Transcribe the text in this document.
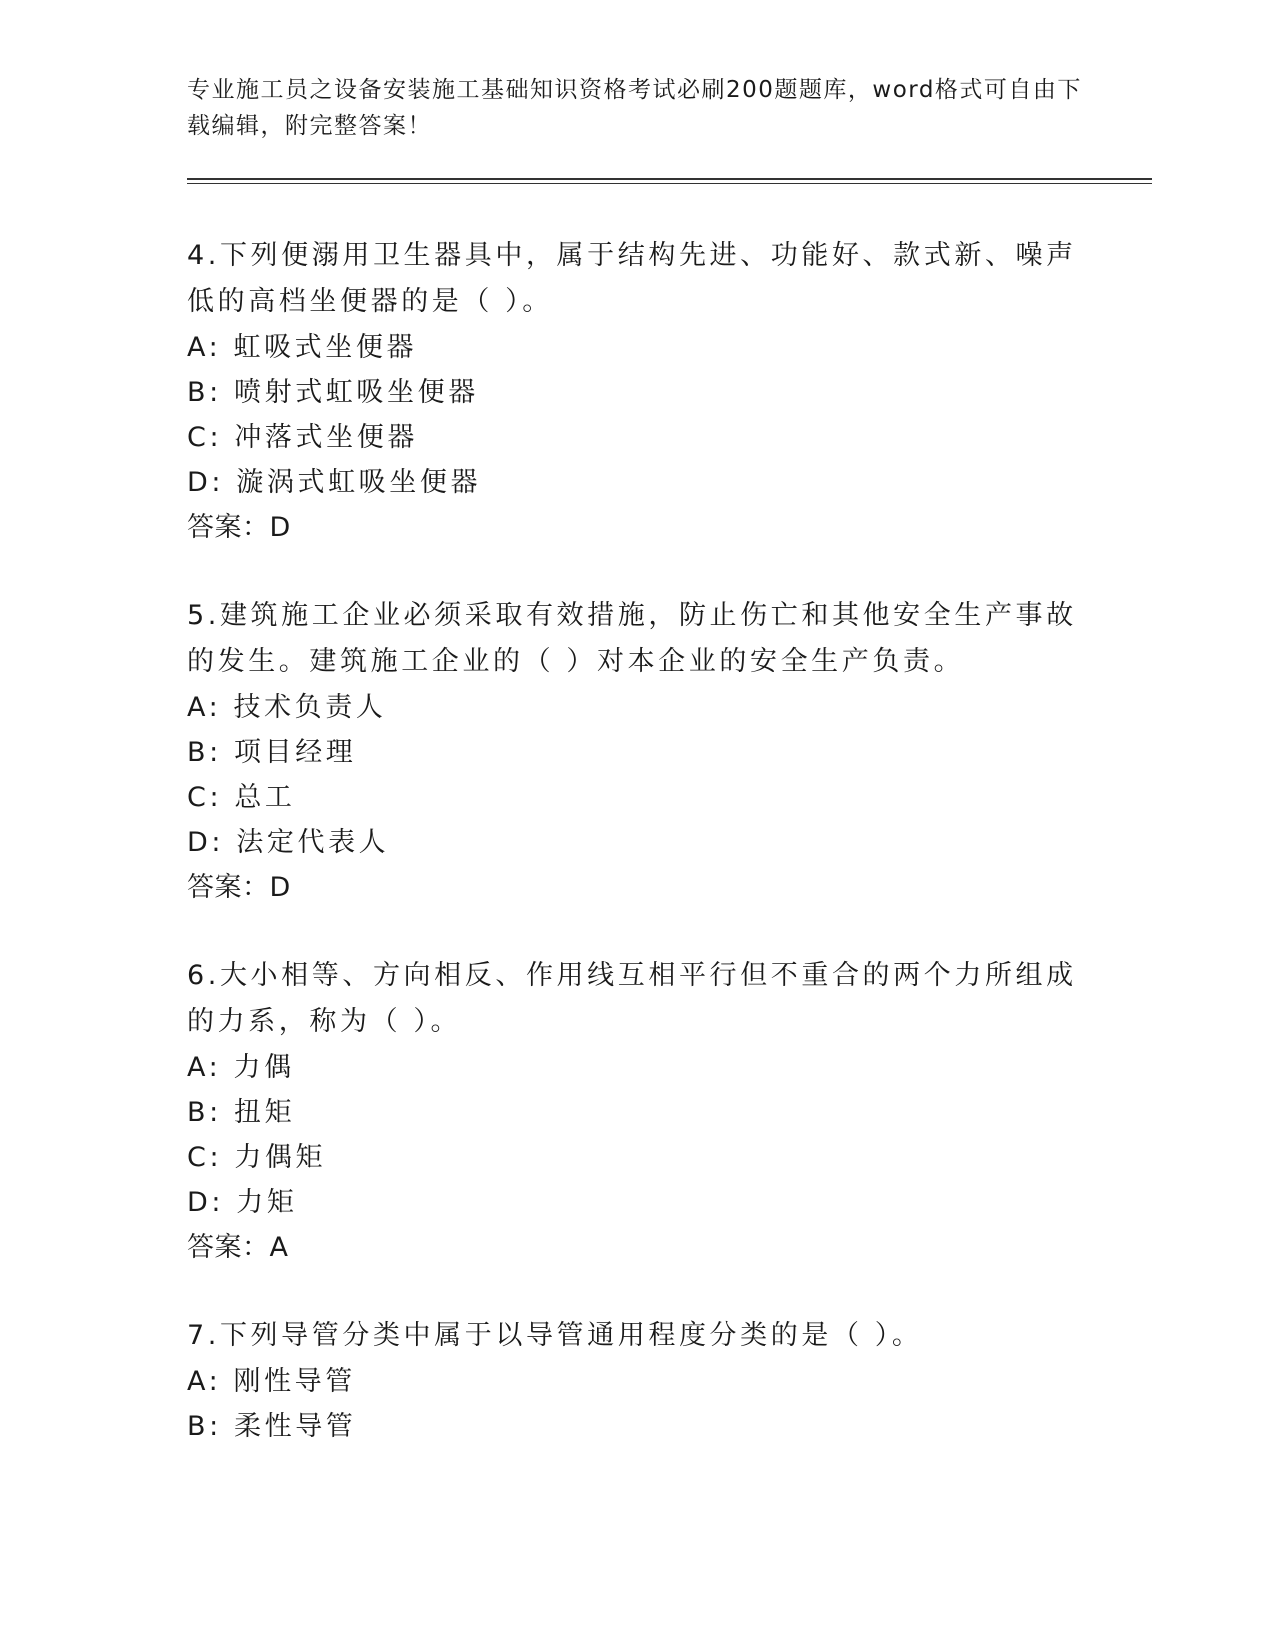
专业施工员之设备安装施工基础知识资格考试必刷200题题库，word格式可自由下载编辑，附完整答案！

4.下列便溺用卫生器具中，属于结构先进、功能好、款式新、噪声低的高档坐便器的是（ ）。

A: 虹吸式坐便器

B: 喷射式虹吸坐便器

C: 冲落式坐便器

D: 漩涡式虹吸坐便器

答案：D

5.建筑施工企业必须采取有效措施，防止伤亡和其他安全生产事故的发生。建筑施工企业的（ ）对本企业的安全生产负责。

A: 技术负责人

B: 项目经理

C: 总工

D: 法定代表人

答案：D

6.大小相等、方向相反、作用线互相平行但不重合的两个力所组成的力系，称为（ ）。

A: 力偶

B: 扭矩

C: 力偶矩

D: 力矩

答案：A

7.下列导管分类中属于以导管通用程度分类的是（ ）。

A: 刚性导管

B: 柔性导管
